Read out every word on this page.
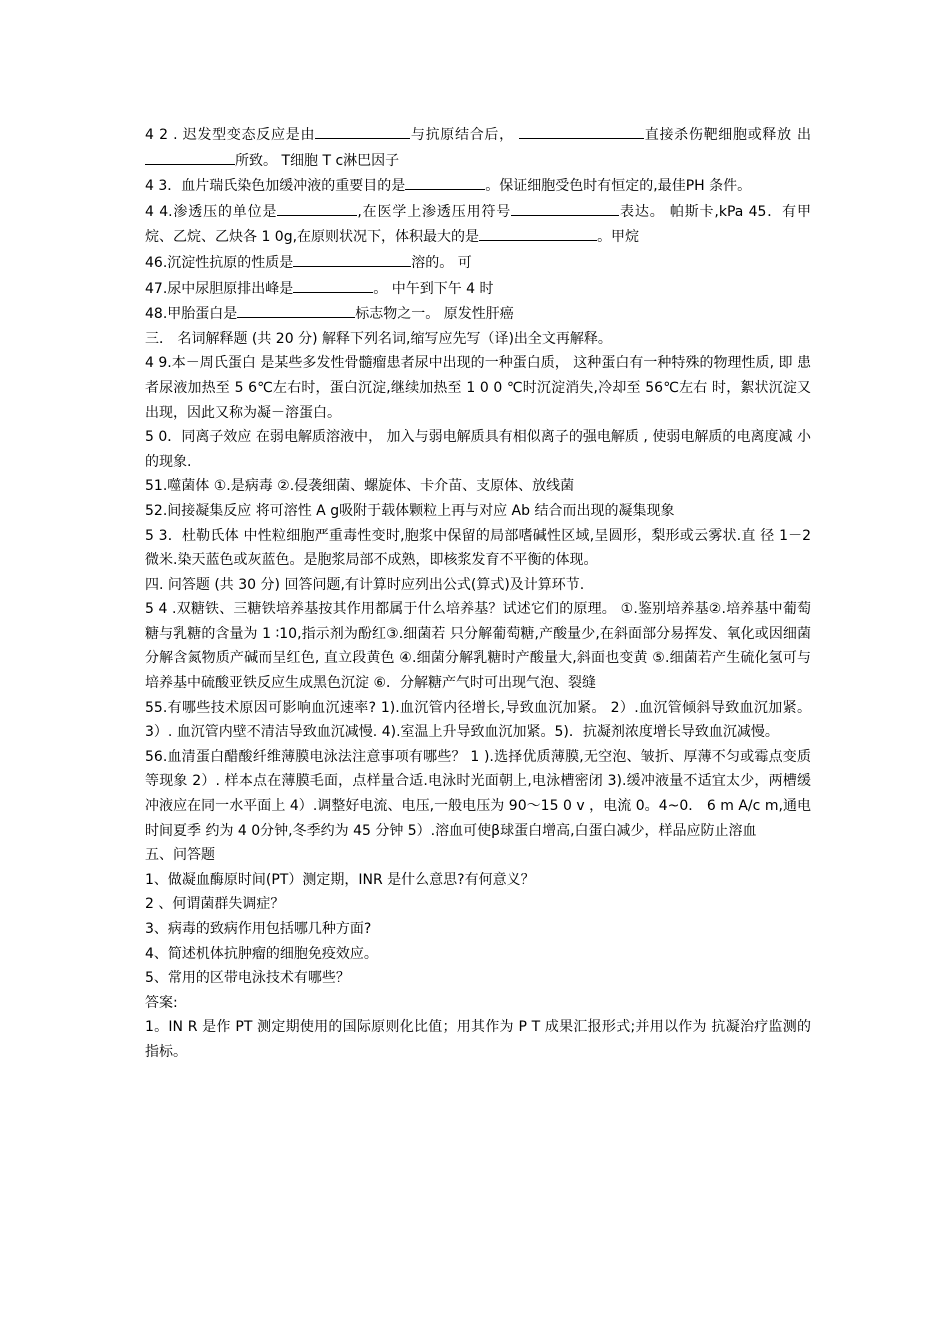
4 2 . 迟发型变态反应是由	与抗原结合后，	直接杀伤靶细胞或释放 出所致。 T细胞 T c淋巴因子

4 3．血片瑞氏染色加缓冲液的重要目的是	。保证细胞受色时有恒定的,最佳PH 条件。

4 4.渗透压的单位是	,在医学上渗透压用符号	表达。 帕斯卡,kPa 45．有甲烷、乙烷、乙炔各 1 0g,在原则状况下，体积最大的是	。甲烷

46.沉淀性抗原的性质是	溶的。 可

47.尿中尿胆原排出峰是	。 中午到下午 4 时

48.甲胎蛋白是	标志物之一。 原发性肝癌

三． 名词解释题 (共 20 分) 解释下列名词,缩写应先写（译)出全文再解释。

4 9.本－周氏蛋白 是某些多发性骨髓瘤患者尿中出现的一种蛋白质， 这种蛋白有一种特殊的物理性质, 即 患者尿液加热至 5 6℃左右时，蛋白沉淀,继续加热至 1 0 0 ℃时沉淀消失,冷却至 56℃左右 时，絮状沉淀又出现，因此又称为凝－溶蛋白。

5 0．同离子效应 在弱电解质溶液中， 加入与弱电解质具有相似离子的强电解质 , 使弱电解质的电离度减 小的现象.

51.噬菌体 ①.是病毒 ②.侵袭细菌、螺旋体、卡介苗、支原体、放线菌

52.间接凝集反应 将可溶性 A g吸附于载体颗粒上再与对应 Ab 结合而出现的凝集现象

5 3．杜勒氏体 中性粒细胞严重毒性变时,胞浆中保留的局部嗜碱性区域,呈圆形，梨形或云雾状.直 径 1－2 微米.染天蓝色或灰蓝色。是胞浆局部不成熟，即核浆发育不平衡的体现。

四. 问答题 (共 30 分) 回答问题,有计算时应列出公式(算式)及计算环节.

5 4 .双糖铁、三糖铁培养基按其作用都属于什么培养基？试述它们的原理。 ①.鉴别培养基②.培养基中葡萄糖与乳糖的含量为 1 ∶10,指示剂为酚红③.细菌若 只分解葡萄糖,产酸量少,在斜面部分易挥发、氧化或因细菌分解含氮物质产碱而呈红色, 直立段黄色 ④.细菌分解乳糖时产酸量大,斜面也变黄 ⑤.细菌若产生硫化氢可与培养基中硫酸亚铁反应生成黑色沉淀 ⑥．分解糖产气时可出现气泡、裂缝

55.有哪些技术原因可影响血沉速率? 1).血沉管内径增长,导致血沉加紧。 2）.血沉管倾斜导致血沉加紧。 3）. 血沉管内壁不清洁导致血沉减慢. 4).室温上升导致血沉加紧。5)．抗凝剂浓度增长导致血沉减慢。

56.血清蛋白醋酸纤维薄膜电泳法注意事项有哪些？ 1 ).选择优质薄膜,无空泡、皱折、厚薄不匀或霉点变质等现象 2）. 样本点在薄膜毛面，点样量合适.电泳时光面朝上,电泳槽密闭 3).缓冲液量不适宜太少，两槽缓冲液应在同一水平面上 4）.调整好电流、电压,一般电压为 90～15 0 v ，电流 0。4~0． 6 m A/c m,通电时间夏季 约为 4 0分钟,冬季约为 45 分钟 5）.溶血可使β球蛋白增高,白蛋白减少，样品应防止溶血

五、问答题

1、做凝血酶原时间(PT）测定期，INR 是什么意思?有何意义？

2 、何谓菌群失调症？

3、病毒的致病作用包括哪几种方面?

4、简述机体抗肿瘤的细胞免疫效应。

5、常用的区带电泳技术有哪些？

答案:

1。IN R 是作 PT 测定期使用的国际原则化比值；用其作为 P T 成果汇报形式;并用以作为 抗凝治疗监测的指标。
